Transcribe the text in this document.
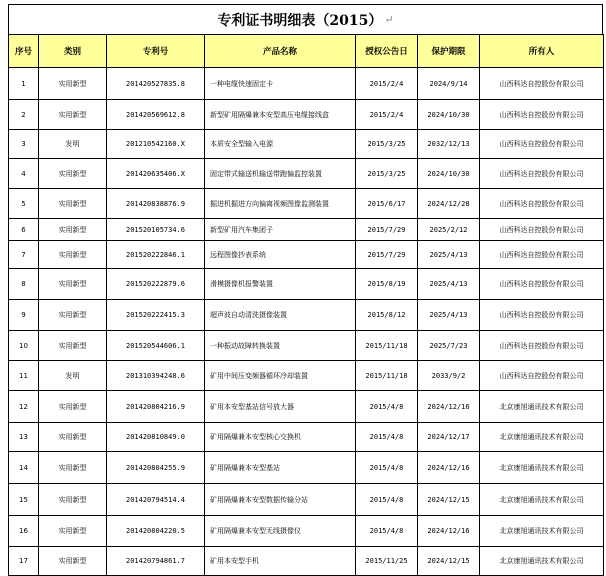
专利证书明细表（2015） ↵
序号	类别	专利号	产品名称	授权公告日	保护期限	所有人
1	实用新型	201420527835.8	一种电缆快速固定卡	2015/2/4	2024/9/14	山西科达自控股份有限公司
2	实用新型	201420569612.8	新型矿用隔爆兼本安型高压电缆接线盒	2015/2/4	2024/10/30	山西科达自控股份有限公司
3	发明	201210542160.X	本质安全型输入电源	2015/3/25	2032/12/13	山西科达自控股份有限公司
4	实用新型	201420635406.X	固定带式输送机输送带跑偏监控装置	2015/3/25	2024/10/30	山西科达自控股份有限公司
5	实用新型	201420838876.9	掘进机掘进方向偏离视频图像监测装置	2015/6/17	2024/12/28	山西科达自控股份有限公司
6	实用新型	201520105734.6	新型矿用汽车集团子	2015/7/29	2025/2/12	山西科达自控股份有限公司
7	实用新型	201520222846.1	远程图像抄表系统	2015/7/29	2025/4/13	山西科达自控股份有限公司
8	实用新型	201520222879.6	滑模摄像机报警装置	2015/8/19	2025/4/13	山西科达自控股份有限公司
9	实用新型	201520222415.3	超声波自动清洗摄像装置	2015/8/12	2025/4/13	山西科达自控股份有限公司
10	实用新型	201520544606.1	一种振动故障转换装置	2015/11/18	2025/7/23	山西科达自控股份有限公司
11	发明	201310394248.6	矿用中间压变频器循环冷却装置	2015/11/18	2033/9/2	山西科达自控股份有限公司
12	实用新型	201420804216.9	矿用本安型基站信号放大器	2015/4/8	2024/12/16	北京康旭通讯技术有限公司
13	实用新型	201420810849.0	矿用隔爆兼本安型核心交换机	2015/4/8	2024/12/17	北京康旭通讯技术有限公司
14	实用新型	201420804255.9	矿用隔爆兼本安型基站	2015/4/8	2024/12/16	北京康旭通讯技术有限公司
15	实用新型	201420794514.4	矿用隔爆兼本安型数据传输分站	2015/4/8	2024/12/15	北京康旭通讯技术有限公司
16	实用新型	201420804220.5	矿用隔爆兼本安型无线摄像仪	2015/4/8	2024/12/16	北京康旭通讯技术有限公司
17	实用新型	201420794861.7	矿用本安型手机	2015/11/25	2024/12/15	北京康旭通讯技术有限公司
